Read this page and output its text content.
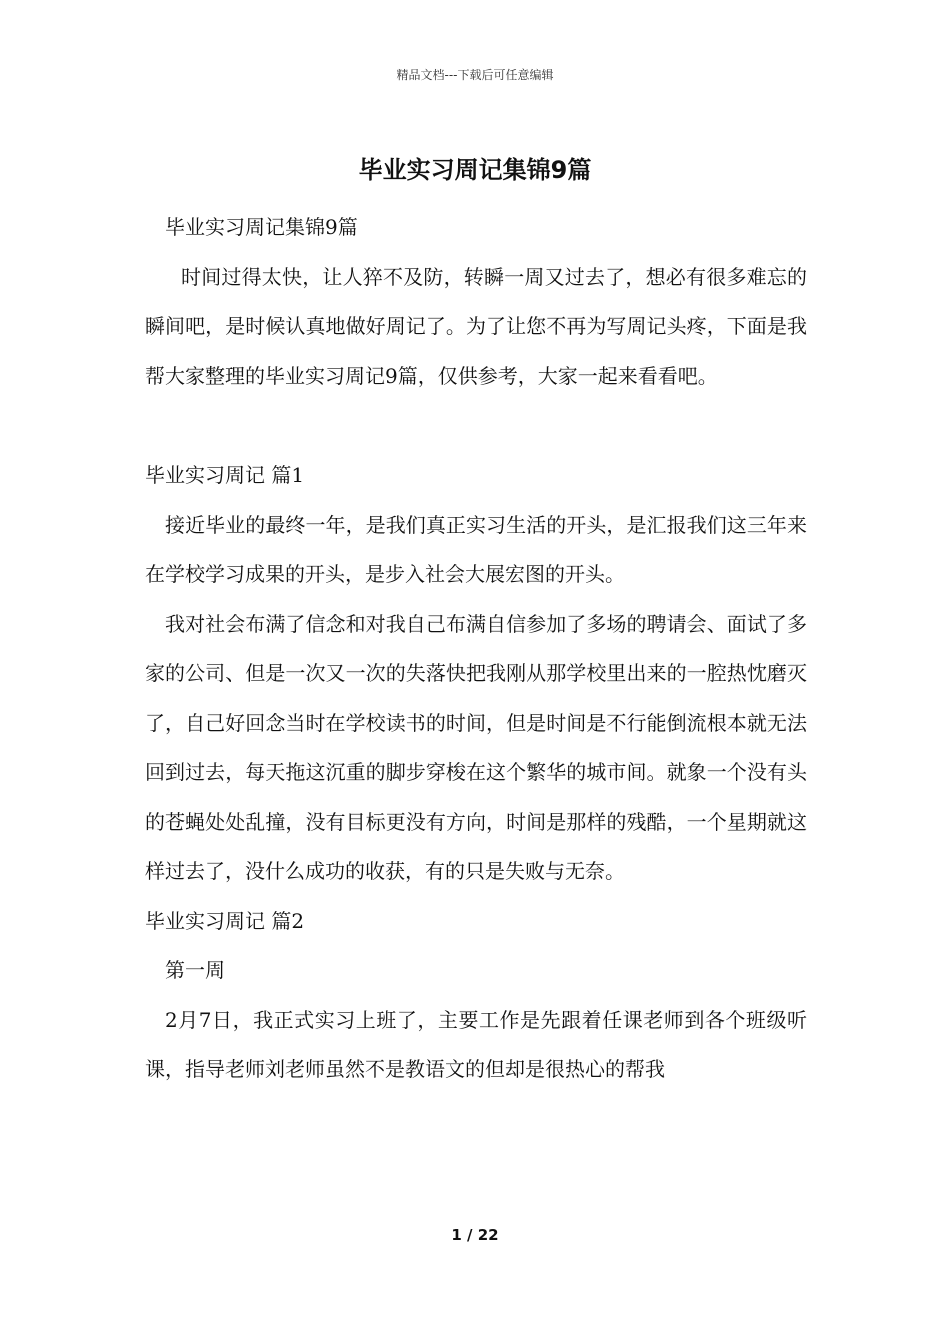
精品文档---下载后可任意编辑
毕业实习周记集锦9篇

毕业实习周记集锦9篇

时间过得太快，让人猝不及防，转瞬一周又过去了，想必有很多难忘的瞬间吧，是时候认真地做好周记了。为了让您不再为写周记头疼，下面是我帮大家整理的毕业实习周记9篇，仅供参考，大家一起来看看吧。

毕业实习周记 篇1

接近毕业的最终一年，是我们真正实习生活的开头，是汇报我们这三年来在学校学习成果的开头，是步入社会大展宏图的开头。

我对社会布满了信念和对我自己布满自信参加了多场的聘请会、面试了多家的公司、但是一次又一次的失落快把我刚从那学校里出来的一腔热忱磨灭了，自己好回念当时在学校读书的时间，但是时间是不行能倒流根本就无法回到过去，每天拖这沉重的脚步穿梭在这个繁华的城市间。就象一个没有头的苍蝇处处乱撞，没有目标更没有方向，时间是那样的残酷，一个星期就这样过去了，没什么成功的收获，有的只是失败与无奈。

毕业实习周记 篇2

第一周

2月7日，我正式实习上班了，主要工作是先跟着任课老师到各个班级听课，指导老师刘老师虽然不是教语文的但却是很热心的帮我

1 / 22
